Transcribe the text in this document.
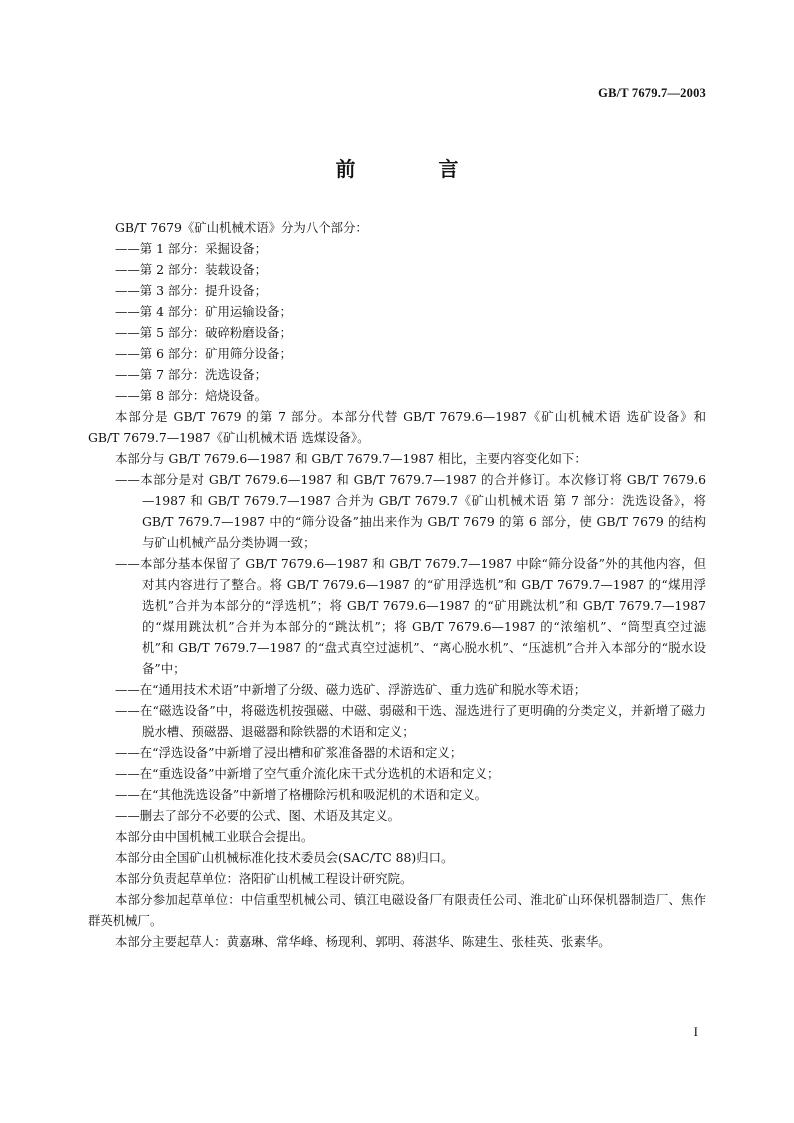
GB/T 7679.7—2003
前 言

GB/T 7679《矿山机械术语》分为八个部分：

——第 1 部分：采掘设备；

——第 2 部分：装载设备；

——第 3 部分：提升设备；

——第 4 部分：矿用运输设备；

——第 5 部分：破碎粉磨设备；

——第 6 部分：矿用筛分设备；

——第 7 部分：洗选设备；

——第 8 部分：焙烧设备。

本部分是 GB/T 7679 的第 7 部分。本部分代替 GB/T 7679.6—1987《矿山机械术语 选矿设备》和 GB/T 7679.7—1987《矿山机械术语 选煤设备》。

本部分与 GB/T 7679.6—1987 和 GB/T 7679.7—1987 相比，主要内容变化如下：

——本部分是对 GB/T 7679.6—1987 和 GB/T 7679.7—1987 的合并修订。本次修订将 GB/T 7679.6—1987 和 GB/T 7679.7—1987 合并为 GB/T 7679.7《矿山机械术语 第 7 部分：洗选设备》，将 GB/T 7679.7—1987 中的“筛分设备”抽出来作为 GB/T 7679 的第 6 部分，使 GB/T 7679 的结构与矿山机械产品分类协调一致；

——本部分基本保留了 GB/T 7679.6—1987 和 GB/T 7679.7—1987 中除“筛分设备”外的其他内容，但对其内容进行了整合。将 GB/T 7679.6—1987 的“矿用浮选机”和 GB/T 7679.7—1987 的“煤用浮选机”合并为本部分的“浮选机”；将 GB/T 7679.6—1987 的“矿用跳汰机”和 GB/T 7679.7—1987 的“煤用跳汰机”合并为本部分的“跳汰机”；将 GB/T 7679.6—1987 的“浓缩机”、“筒型真空过滤机”和 GB/T 7679.7—1987 的“盘式真空过滤机”、“离心脱水机”、“压滤机”合并入本部分的“脱水设备”中；

——在“通用技术术语”中新增了分级、磁力选矿、浮游选矿、重力选矿和脱水等术语；

——在“磁选设备”中，将磁选机按强磁、中磁、弱磁和干选、湿选进行了更明确的分类定义，并新增了磁力脱水槽、预磁器、退磁器和除铁器的术语和定义；

——在“浮选设备”中新增了浸出槽和矿浆准备器的术语和定义；

——在“重选设备”中新增了空气重介流化床干式分选机的术语和定义；

——在“其他洗选设备”中新增了格栅除污机和吸泥机的术语和定义。

——删去了部分不必要的公式、图、术语及其定义。

本部分由中国机械工业联合会提出。

本部分由全国矿山机械标准化技术委员会(SAC/TC 88)归口。

本部分负责起草单位：洛阳矿山机械工程设计研究院。

本部分参加起草单位：中信重型机械公司、镇江电磁设备厂有限责任公司、淮北矿山环保机器制造厂、焦作群英机械厂。

本部分主要起草人：黄嘉琳、常华峰、杨现利、郭明、蒋湛华、陈建生、张桂英、张素华。

I
